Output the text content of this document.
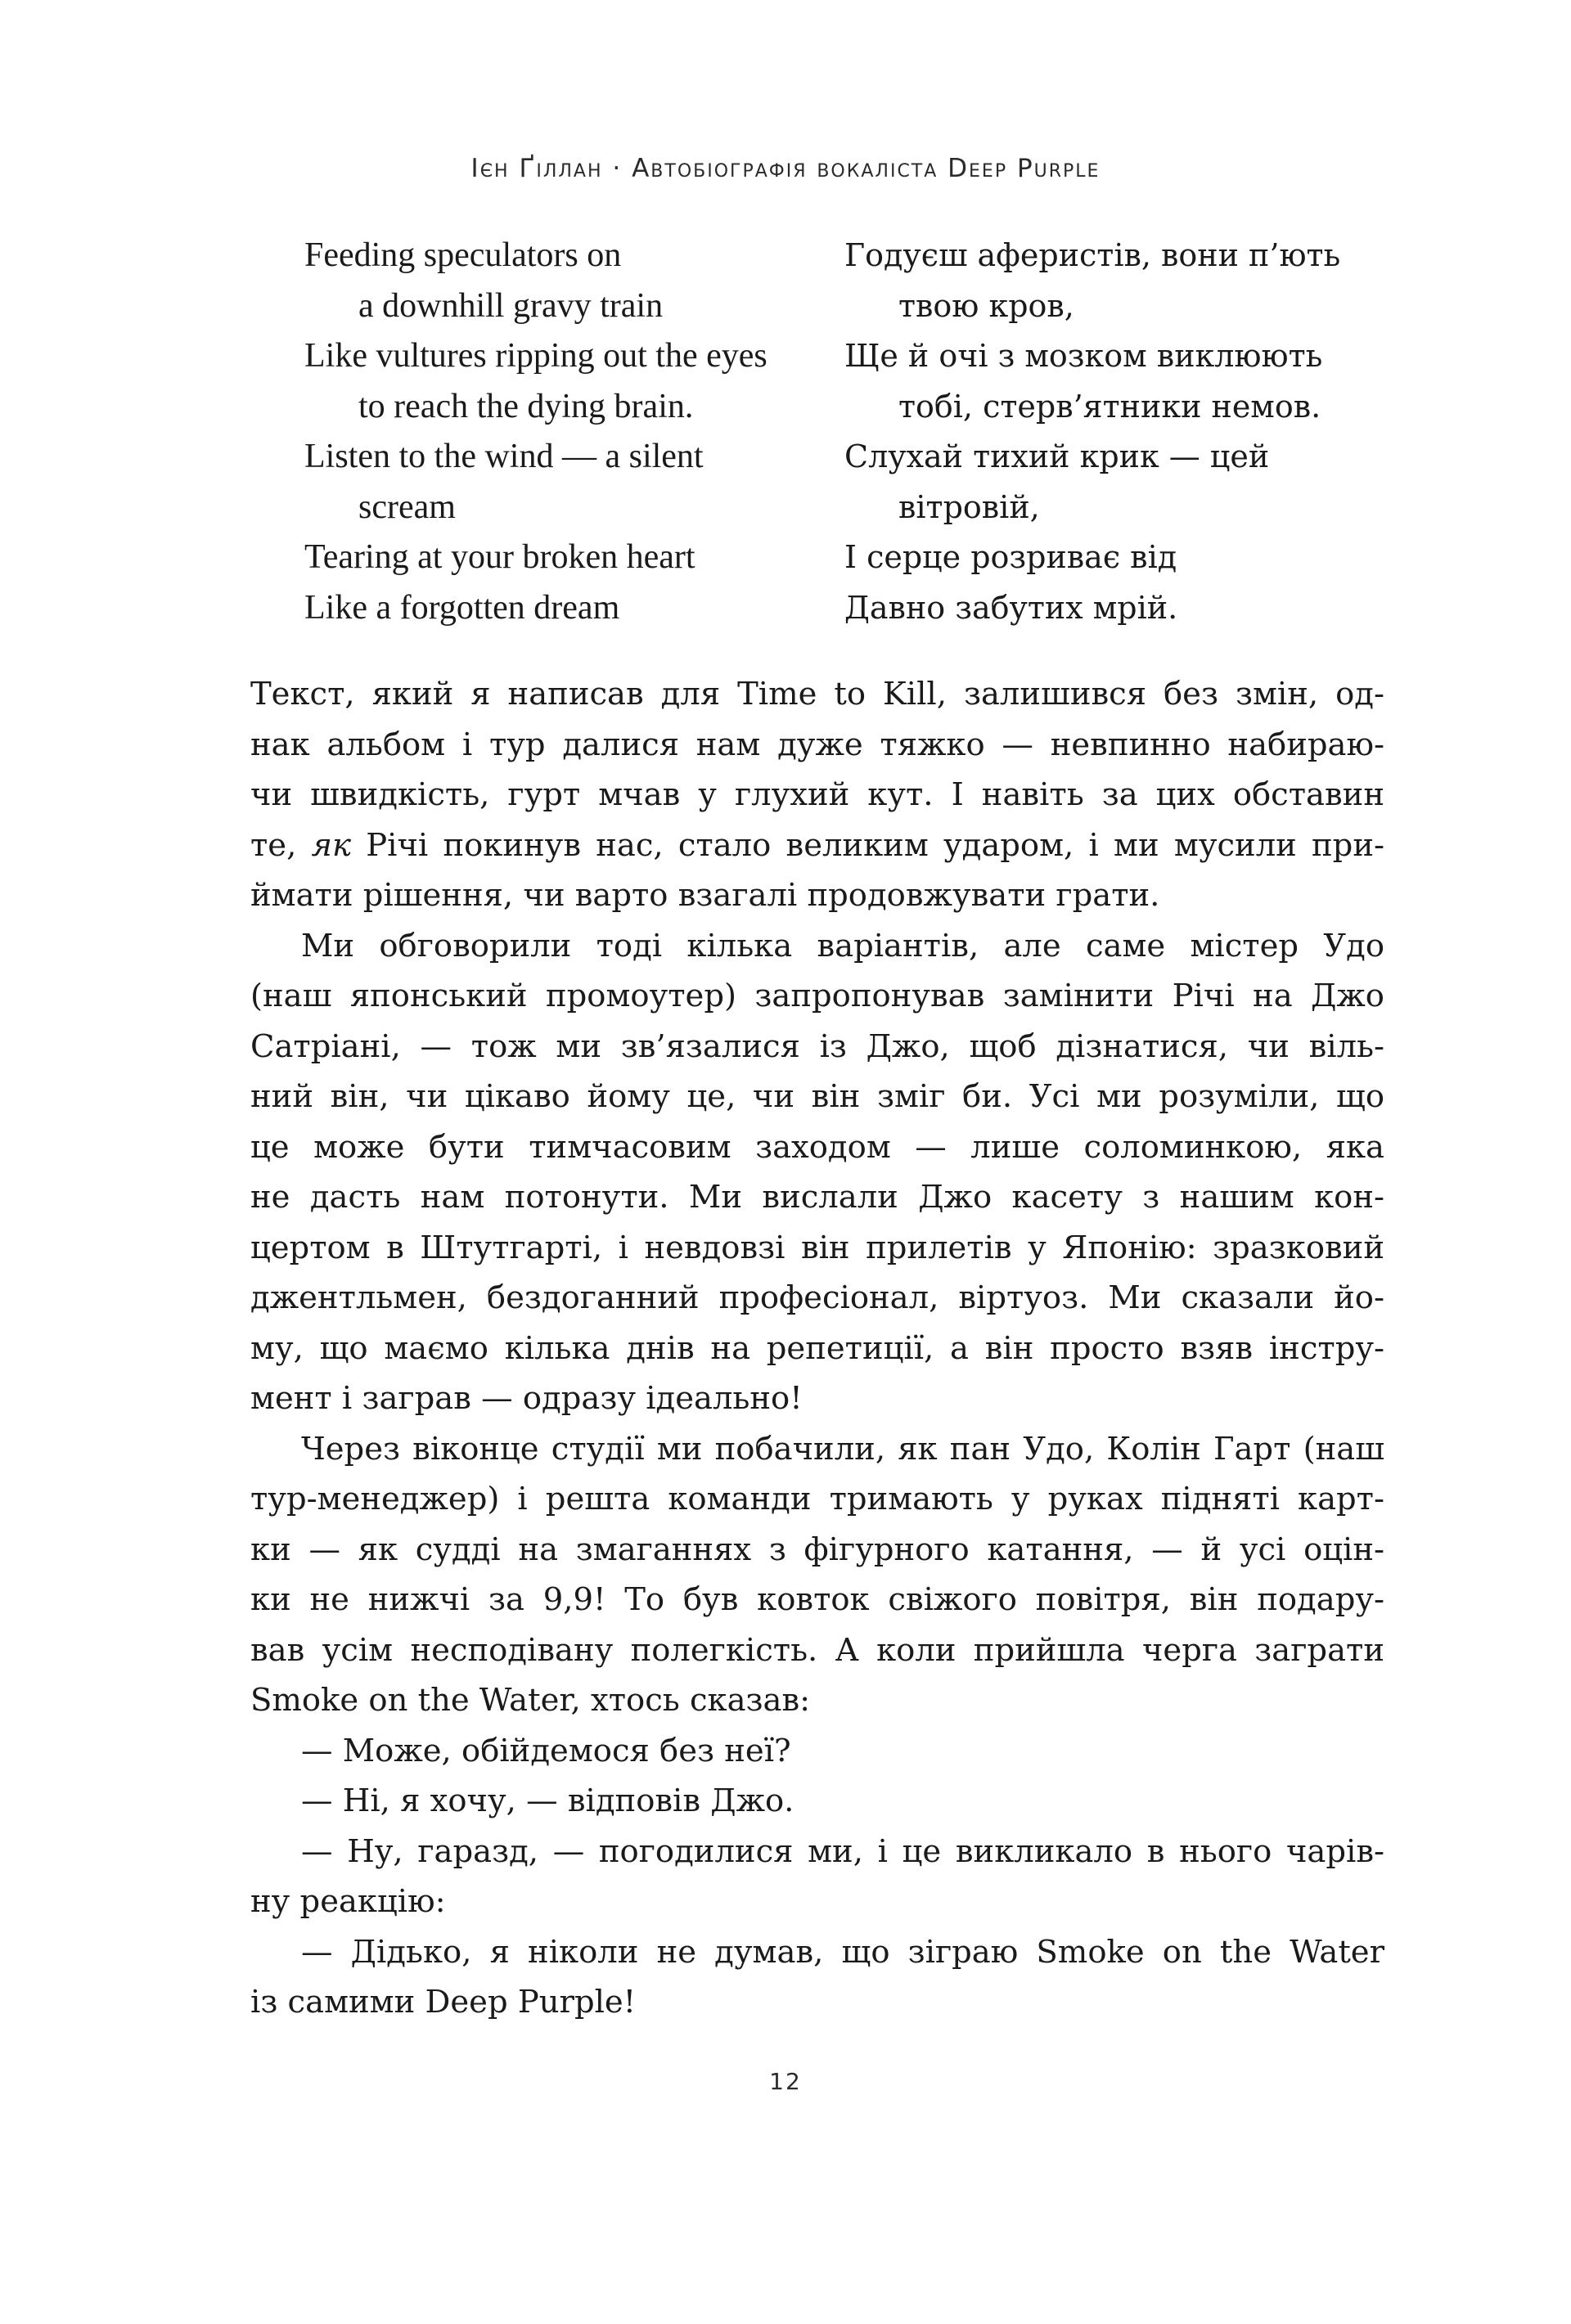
Ієн Ґіллан · Автобіографія вокаліста Deep Purple
Feeding speculators on
a downhill gravy train
Like vultures ripping out the eyes
to reach the dying brain.
Listen to the wind — a silent
scream
Tearing at your broken heart
Like a forgotten dream
Годуєш аферистів, вони п’ють
твою кров,
Ще й очі з мозком виклюють
тобі, стерв’ятники немов.
Слухай тихий крик — цей
вітровій,
І серце розриває від
Давно забутих мрій.
Текст, який я написав для Time to Kill, залишився без змін, од-
нак альбом і тур далися нам дуже тяжко — невпинно набираю-
чи швидкість, гурт мчав у глухий кут. І навіть за цих обставин
те, як Річі покинув нас, стало великим ударом, і ми мусили при-
ймати рішення, чи варто взагалі продовжувати грати.
Ми обговорили тоді кілька варіантів, але саме містер Удо
(наш японський промоутер) запропонував замінити Річі на Джо
Сатріані, — тож ми зв’язалися із Джо, щоб дізнатися, чи віль-
ний він, чи цікаво йому це, чи він зміг би. Усі ми розуміли, що
це може бути тимчасовим заходом — лише соломинкою, яка
не дасть нам потонути. Ми вислали Джо касету з нашим кон-
цертом в Штутгарті, і невдовзі він прилетів у Японію: зразковий
джентльмен, бездоганний професіонал, віртуоз. Ми сказали йо-
му, що маємо кілька днів на репетиції, а він просто взяв інстру-
мент і заграв — одразу ідеально!
Через віконце студії ми побачили, як пан Удо, Колін Гарт (наш
тур-менеджер) і решта команди тримають у руках підняті карт-
ки — як судді на змаганнях з фігурного катання, — й усі оцін-
ки не нижчі за 9,9! То був ковток свіжого повітря, він подару-
вав усім несподівану полегкість. А коли прийшла черга заграти
Smoke on the Water, хтось сказав:
— Може, обійдемося без неї?
— Ні, я хочу, — відповів Джо.
— Ну, гаразд, — погодилися ми, і це викликало в нього чарів-
ну реакцію:
— Дідько, я ніколи не думав, що зіграю Smoke on the Water
із самими Deep Purple!
12
